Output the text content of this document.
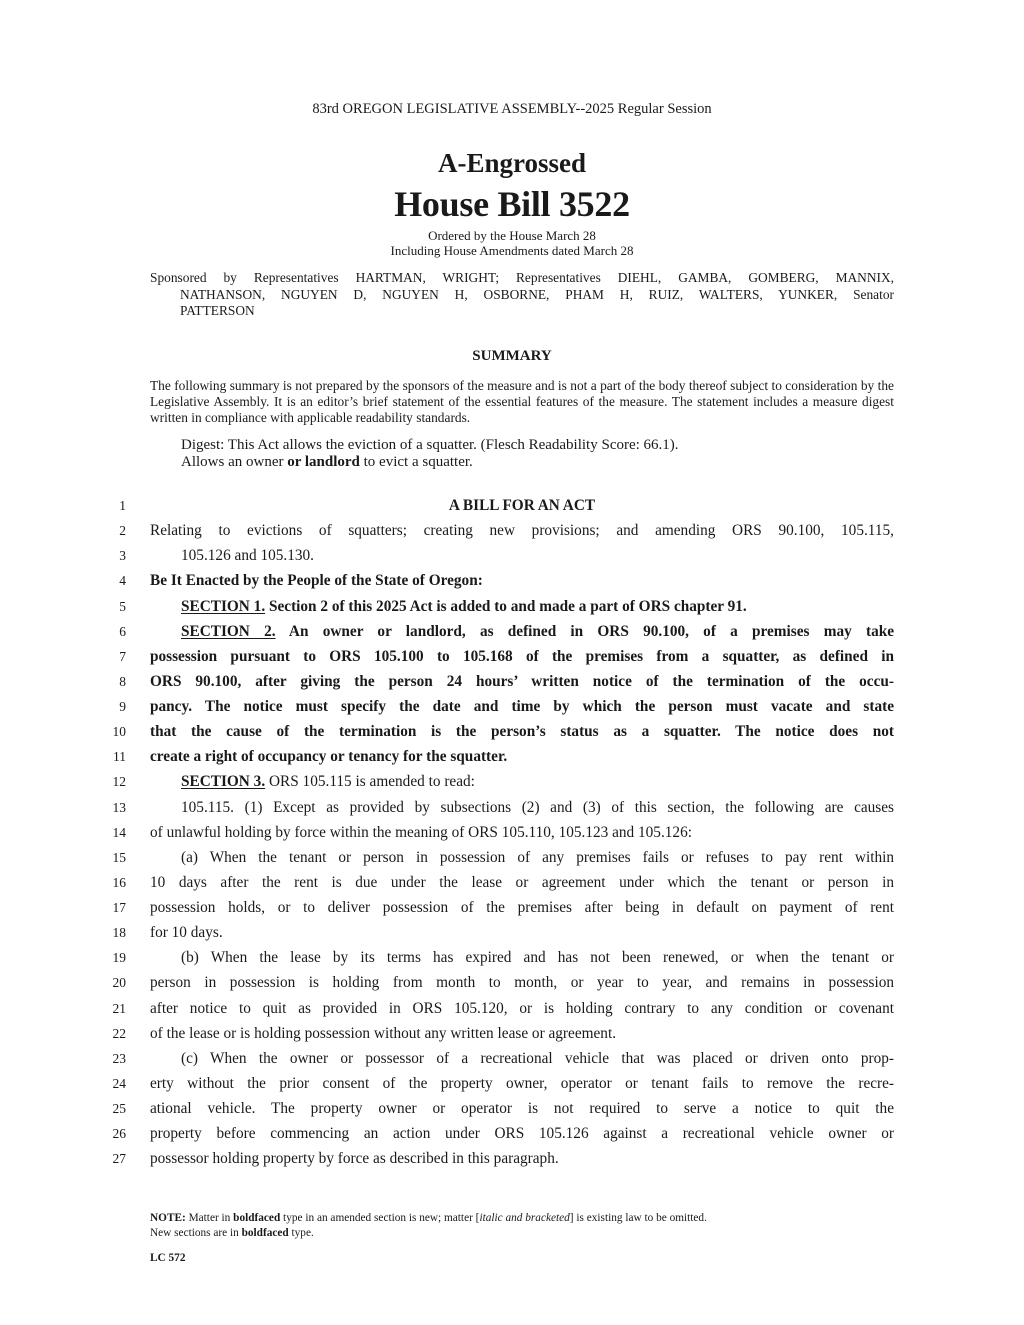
83rd OREGON LEGISLATIVE ASSEMBLY--2025 Regular Session
A-Engrossed
House Bill 3522
Ordered by the House March 28
Including House Amendments dated March 28
Sponsored by Representatives HARTMAN, WRIGHT; Representatives DIEHL, GAMBA, GOMBERG, MANNIX,
NATHANSON, NGUYEN D, NGUYEN H, OSBORNE, PHAM H, RUIZ, WALTERS, YUNKER, Senator
PATTERSON
SUMMARY
The following summary is not prepared by the sponsors of the measure and is not a part of the body thereof subject to consideration by the Legislative Assembly. It is an editor’s brief statement of the essential features of the measure. The statement includes a measure digest written in compliance with applicable readability standards.
Digest: This Act allows the eviction of a squatter. (Flesch Readability Score: 66.1).
Allows an owner or landlord to evict a squatter.
1
2
3
4
5
6
7
8
9
10
11
12
13
14
15
16
17
18
19
20
21
22
23
24
25
26
27
A BILL FOR AN ACT
Relating to evictions of squatters; creating new provisions; and amending ORS 90.100, 105.115,
105.126 and 105.130.
Be It Enacted by the People of the State of Oregon:
SECTION 1. Section 2 of this 2025 Act is added to and made a part of ORS chapter 91.
SECTION 2. An owner or landlord, as defined in ORS 90.100, of a premises may take
possession pursuant to ORS 105.100 to 105.168 of the premises from a squatter, as defined in
ORS 90.100, after giving the person 24 hours’ written notice of the termination of the occu-
pancy. The notice must specify the date and time by which the person must vacate and state
that the cause of the termination is the person’s status as a squatter. The notice does not
create a right of occupancy or tenancy for the squatter.
SECTION 3. ORS 105.115 is amended to read:
105.115. (1) Except as provided by subsections (2) and (3) of this section, the following are causes
of unlawful holding by force within the meaning of ORS 105.110, 105.123 and 105.126:
(a) When the tenant or person in possession of any premises fails or refuses to pay rent within
10 days after the rent is due under the lease or agreement under which the tenant or person in
possession holds, or to deliver possession of the premises after being in default on payment of rent
for 10 days.
(b) When the lease by its terms has expired and has not been renewed, or when the tenant or
person in possession is holding from month to month, or year to year, and remains in possession
after notice to quit as provided in ORS 105.120, or is holding contrary to any condition or covenant
of the lease or is holding possession without any written lease or agreement.
(c) When the owner or possessor of a recreational vehicle that was placed or driven onto prop-
erty without the prior consent of the property owner, operator or tenant fails to remove the recre-
ational vehicle. The property owner or operator is not required to serve a notice to quit the
property before commencing an action under ORS 105.126 against a recreational vehicle owner or
possessor holding property by force as described in this paragraph.
NOTE: Matter in boldfaced type in an amended section is new; matter [italic and bracketed] is existing law to be omitted.
New sections are in boldfaced type.
LC 572
